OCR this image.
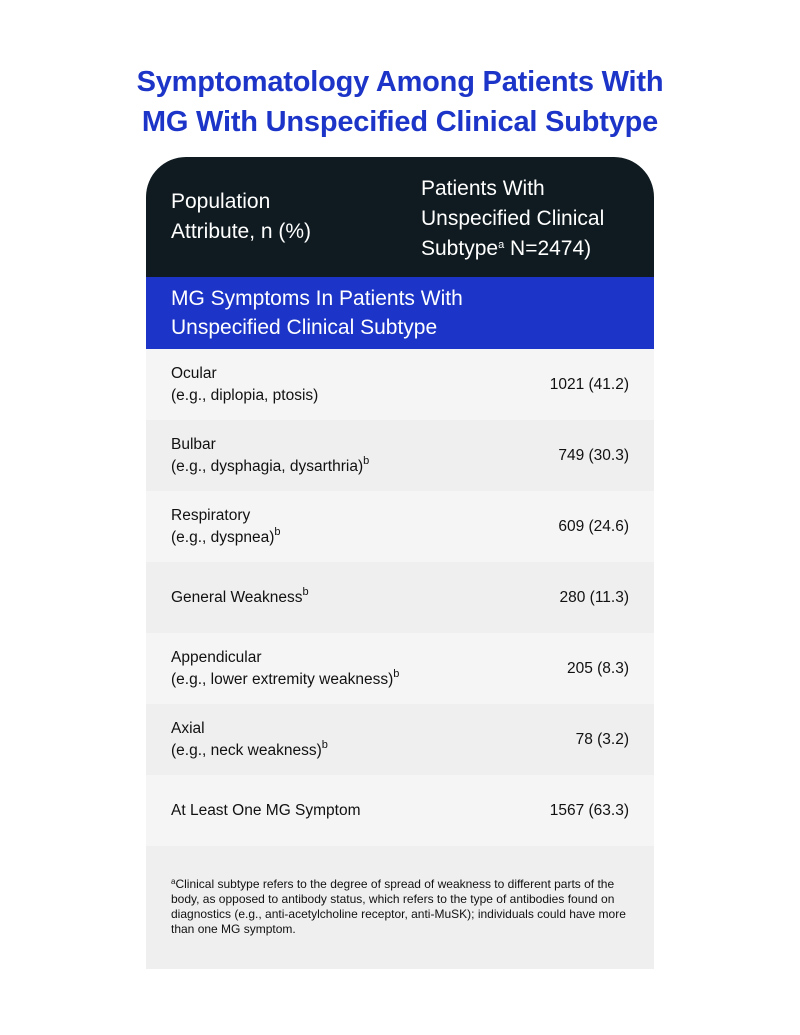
Symptomatology Among Patients With
MG With Unspecified Clinical Subtype
Population
Attribute, n (%)
Patients With
Unspecified Clinical
Subtype$^a$ N=2474)
MG Symptoms In Patients With
Unspecified Clinical Subtype
Ocular
(e.g., diplopia, ptosis)
1021 (41.2)
Bulbar
(e.g., dysphagia, dysarthria)$^b$	749 (30.3)
Respiratory
(e.g., dyspnea)$^b$	609 (24.6)
General Weakness$^b$	280 (11.3)
Appendicular
(e.g., lower extremity weakness)$^b$	205 (8.3)
Axial
(e.g., neck weakness)$^b$	78 (3.2)
At Least One MG Symptom	1567 (63.3)
$^a$Clinical subtype refers to the degree of spread of weakness to different parts of the body, as opposed to antibody status, which refers to the type of antibodies found on diagnostics (e.g., anti-acetylcholine receptor, anti-MuSK); individuals could have more than one MG symptom.
